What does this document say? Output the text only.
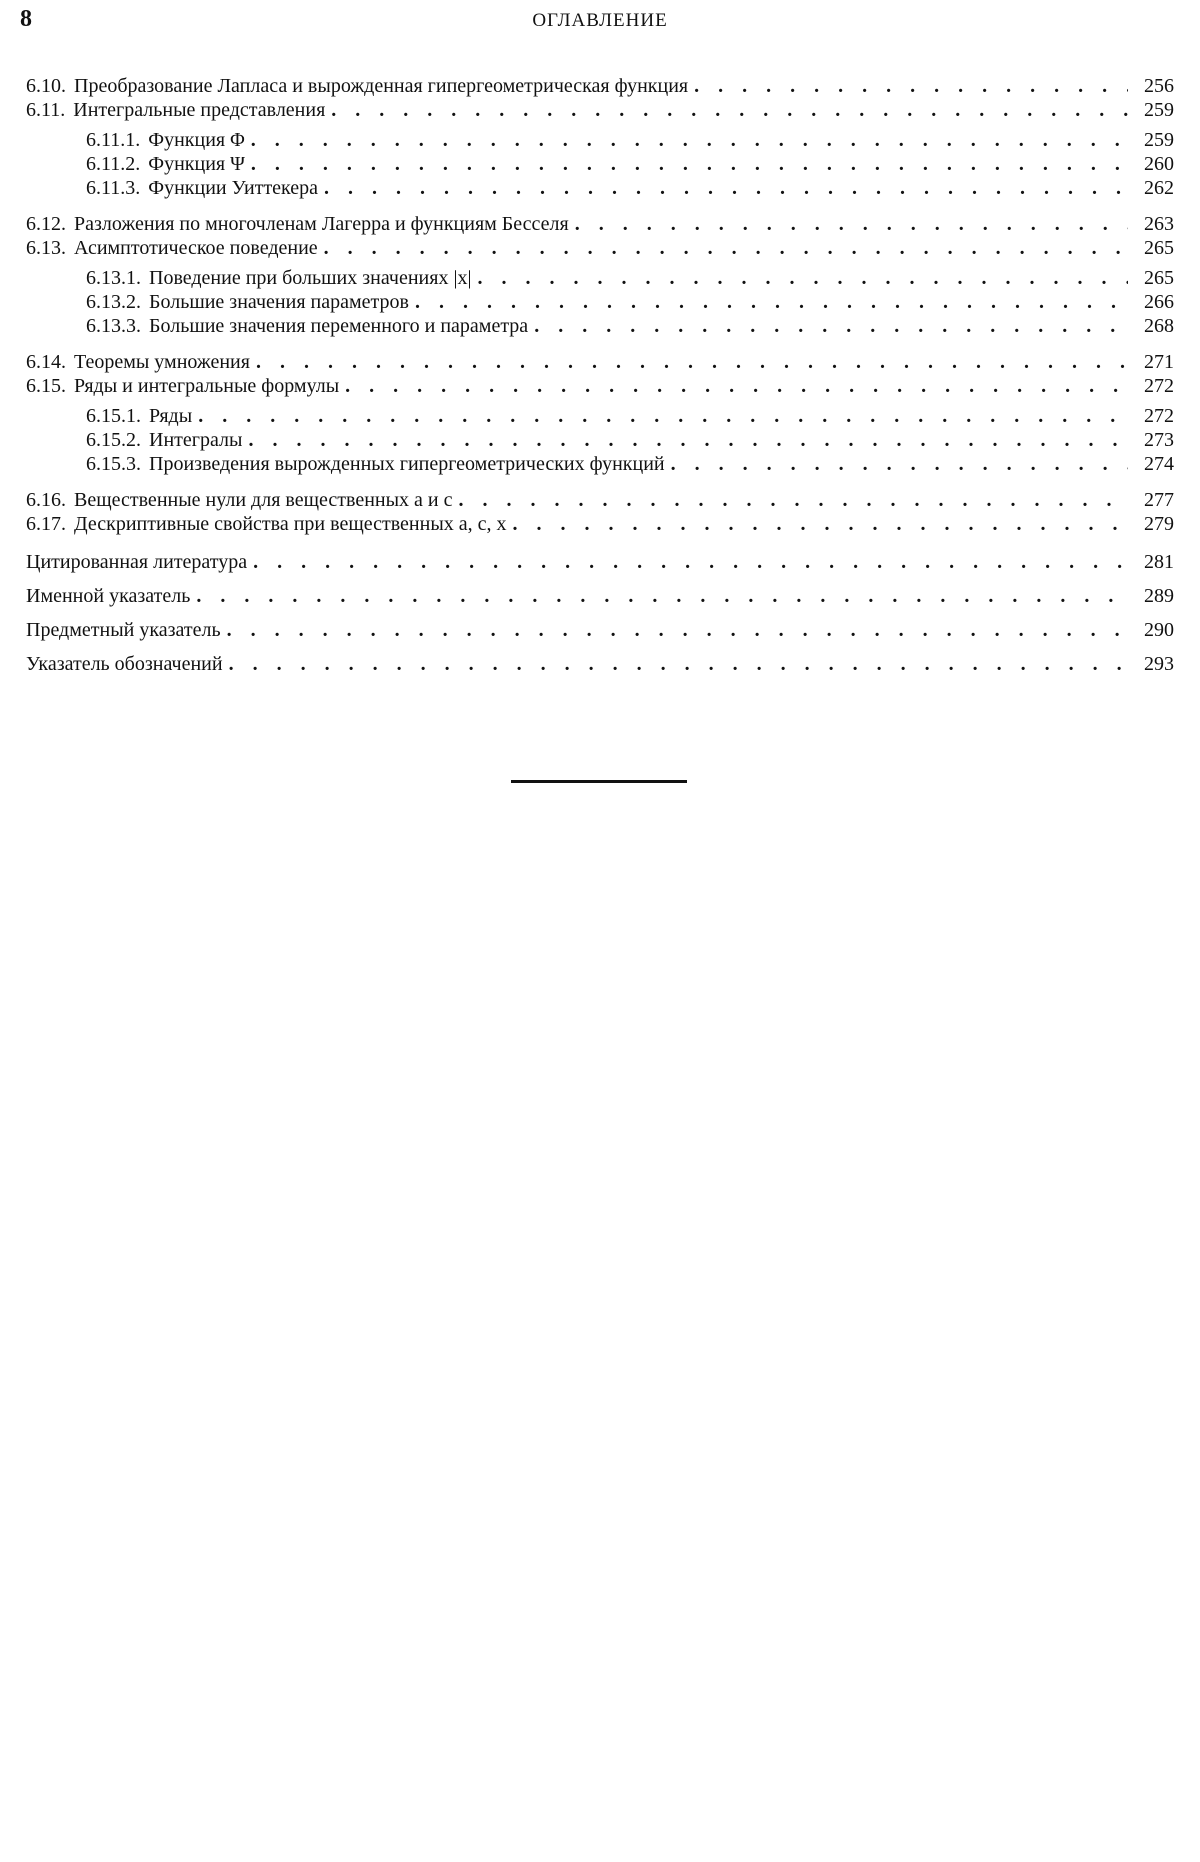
8	ОГЛАВЛЕНИЕ
6.10. Преобразование Лапласа и вырожденная гипергеометрическая функция . . .	256
6.11. Интегральные представления . . .	259
6.11.1. Функция Φ . . .	259
6.11.2. Функция Ψ . . .	260
6.11.3. Функции Уиттекера . . .	262
6.12. Разложения по многочленам Лагерра и функциям Бесселя . . .	263
6.13. Асимптотическое поведение . . .	265
6.13.1. Поведение при больших значениях |x| . . .	265
6.13.2. Большие значения параметров . . .	266
6.13.3. Большие значения переменного и параметра . . .	268
6.14. Теоремы умножения . . .	271
6.15. Ряды и интегральные формулы . . .	272
6.15.1. Ряды . . .	272
6.15.2. Интегралы . . .	273
6.15.3. Произведения вырожденных гипергеометрических функций . . .	274
6.16. Вещественные нули для вещественных a и c . . .	277
6.17. Дескриптивные свойства при вещественных a, c, x . . .	279
Цитированная литература . . .	281
Именной указатель . . .	289
Предметный указатель . . .	290
Указатель обозначений . . .	293
